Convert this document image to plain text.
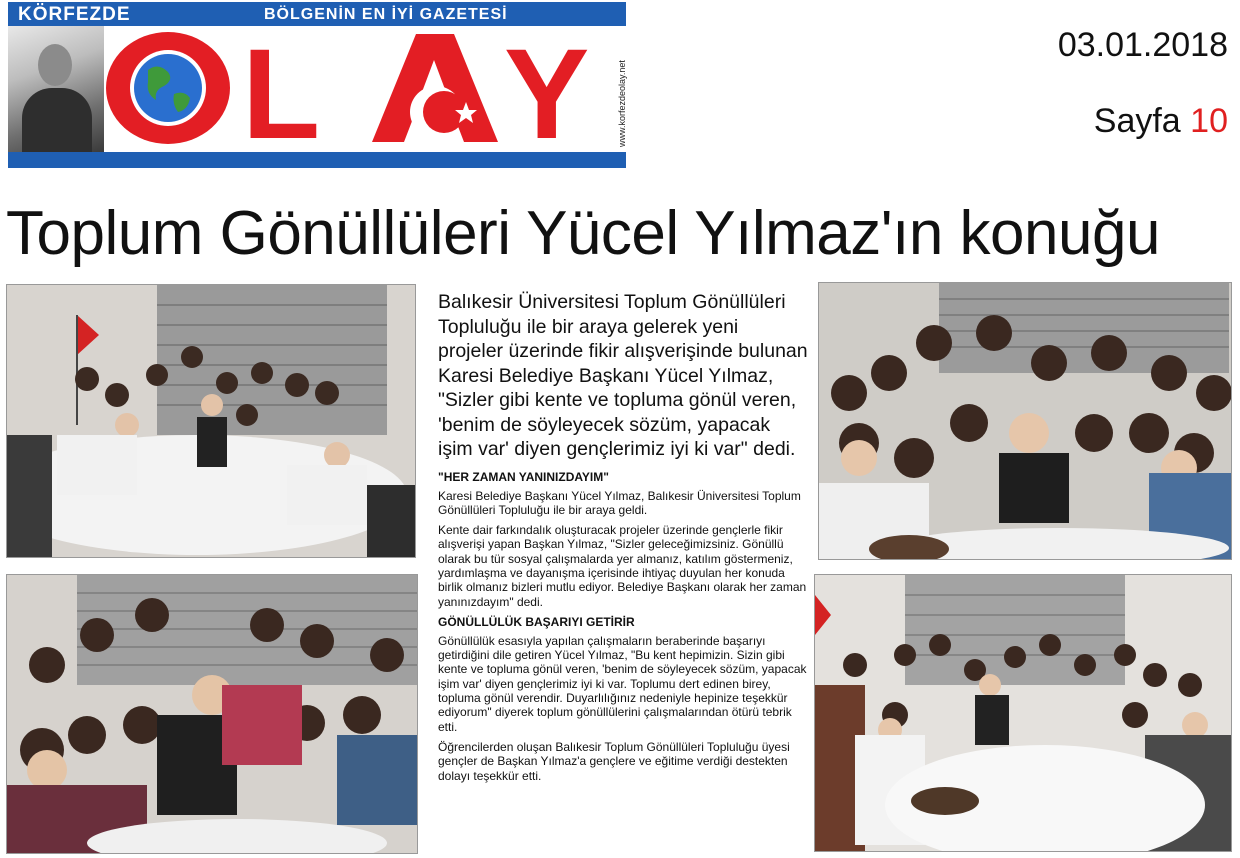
KÖRFEZDE	BÖLGENİN EN İYİ GAZETESİ
L Y	www.korfezdeolay.net
03.01.2018
Sayfa 10
Toplum Gönüllüleri Yücel Yılmaz'ın konuğu

Balıkesir Üniversitesi Toplum Gönüllüleri Topluluğu ile bir araya gelerek yeni projeler üzerinde fikir alışverişinde bulunan Karesi Belediye Başkanı Yücel Yılmaz, "Sizler gibi kente ve topluma gönül veren, 'benim de söyleyecek sözüm, yapacak işim var' diyen gençlerimiz iyi ki var" dedi.

"HER ZAMAN YANINIZDAYIM"

Karesi Belediye Başkanı Yücel Yılmaz, Balıkesir Üniversitesi Toplum Gönüllüleri Topluluğu ile bir araya geldi.

Kente dair farkındalık oluşturacak projeler üzerinde gençlerle fikir alışverişi yapan Başkan Yılmaz, "Sizler geleceğimizsiniz. Gönüllü olarak bu tür sosyal çalışmalarda yer almanız, katılım göstermeniz, yardımlaşma ve dayanışma içerisinde ihtiyaç duyulan her konuda birlik olmanız bizleri mutlu ediyor. Belediye Başkanı olarak her zaman yanınızdayım" dedi.

GÖNÜLLÜLÜK BAŞARIYI GETİRİR

Gönüllülük esasıyla yapılan çalışmaların beraberinde başarıyı getirdiğini dile getiren Yücel Yılmaz, "Bu kent hepimizin. Sizin gibi kente ve topluma gönül veren, 'benim de söyleyecek sözüm, yapacak işim var' diyen gençlerimiz iyi ki var. Toplumu dert edinen birey, topluma gönül verendir. Duyarlılığınız nedeniyle hepinize teşekkür ediyorum" diyerek toplum gönüllülerini çalışmalarından ötürü tebrik etti.

Öğrencilerden oluşan Balıkesir Toplum Gönüllüleri Topluluğu üyesi gençler de Başkan Yılmaz'a gençlere ve eğitime verdiği destekten dolayı teşekkür etti.
